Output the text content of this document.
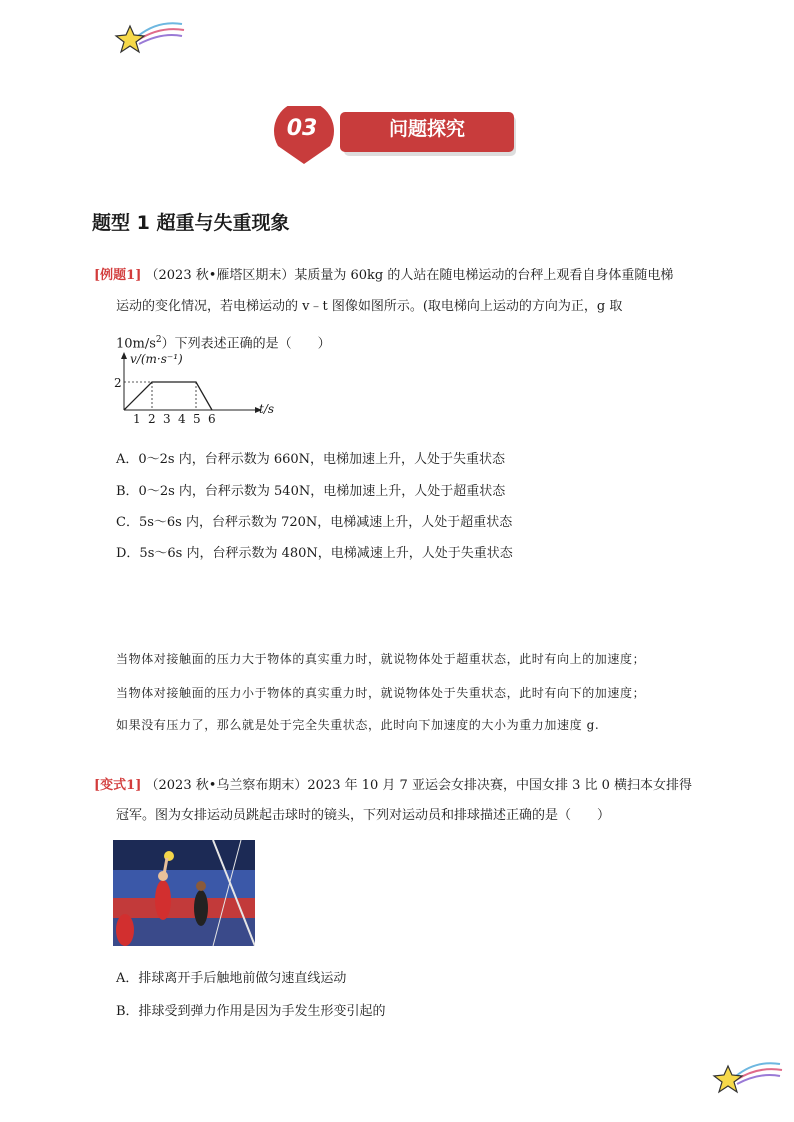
03	问题探究
题型 1 超重与失重现象
[例题1] （2023 秋•雁塔区期末）某质量为 60kg 的人站在随电梯运动的台秤上观看自身体重随电梯
运动的变化情况，若电梯运动的 v﹣t 图像如图所示。(取电梯向上运动的方向为正，g 取
$10m/s^2$）下列表述正确的是（　　）
v/(m·s⁻¹)
2
t/s
1 2 3 4 5 6
A．0～2s 内，台秤示数为 660N，电梯加速上升，人处于失重状态
B．0～2s 内，台秤示数为 540N，电梯加速上升，人处于超重状态
C．5s～6s 内，台秤示数为 720N，电梯减速上升，人处于超重状态
D．5s～6s 内，台秤示数为 480N，电梯减速上升，人处于失重状态
当物体对接触面的压力大于物体的真实重力时，就说物体处于超重状态，此时有向上的加速度；
当物体对接触面的压力小于物体的真实重力时，就说物体处于失重状态，此时有向下的加速度；
如果没有压力了，那么就是处于完全失重状态，此时向下加速度的大小为重力加速度 g.
[变式1] （2023 秋•乌兰察布期末）2023 年 10 月 7 亚运会女排决赛，中国女排 3 比 0 横扫本女排得
冠军。图为女排运动员跳起击球时的镜头，下列对运动员和排球描述正确的是（　　）
A．排球离开手后触地前做匀速直线运动
B．排球受到弹力作用是因为手发生形变引起的
